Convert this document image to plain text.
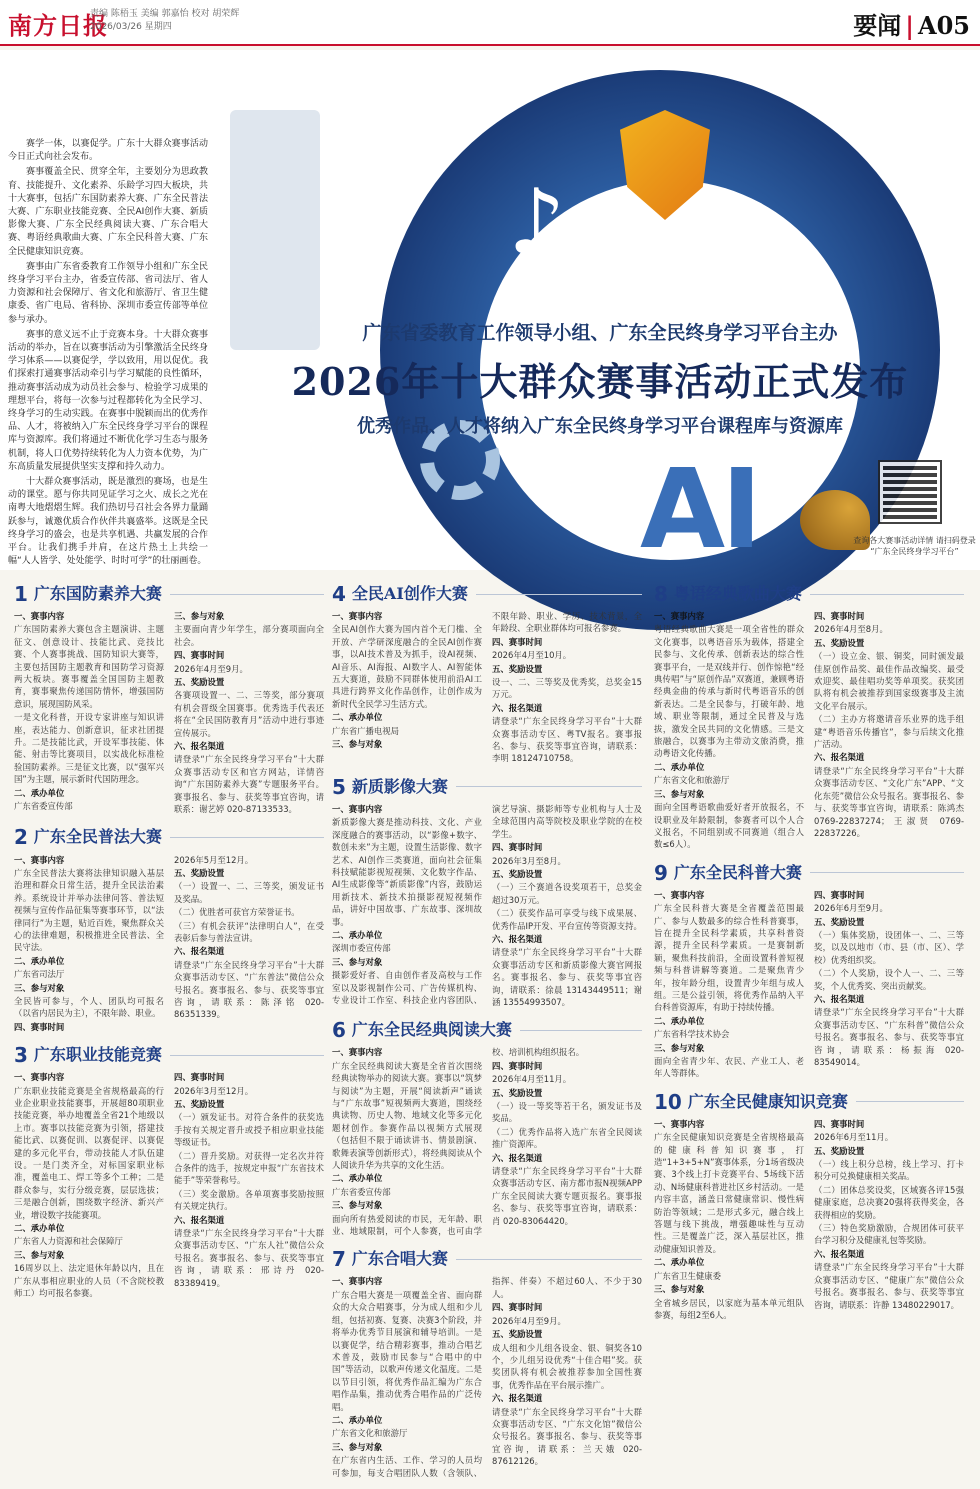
南方日报
责编 陈梧玉 美编 郭嘉怡 校对 胡荣辉
2026/03/26 星期四	要闻 | A05
♪
AI
广东省委教育工作领导小组、广东全民终身学习平台主办
2026年十大群众赛事活动正式发布
优秀作品、人才将纳入广东全民终身学习平台课程库与资源库
查询各大赛事活动详情 请扫码登录 “广东全民终身学习平台”

赛学一体，以赛促学。广东十大群众赛事活动今日正式向社会发布。

赛事覆盖全民、贯穿全年，主要划分为思政教育、技能提升、文化素养、乐龄学习四大板块，共十大赛事，包括广东国防素养大赛、广东全民普法大赛、广东职业技能竞赛、全民AI创作大赛、新质影像大赛、广东全民经典阅读大赛、广东合唱大赛、粤语经典歌曲大赛、广东全民科普大赛、广东全民健康知识竞赛。

赛事由广东省委教育工作领导小组和广东全民终身学习平台主办，省委宣传部、省司法厅、省人力资源和社会保障厅、省文化和旅游厅、省卫生健康委、省广电局、省科协、深圳市委宣传部等单位参与承办。

赛事的意义远不止于竞赛本身。十大群众赛事活动的举办，旨在以赛事活动为引擎激活全民终身学习体系——以赛促学，学以致用，用以促优。我们探索打通赛事活动牵引与学习赋能的良性循环，推动赛事活动成为动员社会参与、检验学习成果的理想平台，将每一次参与过程都转化为全民学习、终身学习的生动实践。在赛事中脱颖而出的优秀作品、人才，将被纳入广东全民终身学习平台的课程库与资源库。我们将通过不断优化学习生态与服务机制，将人口优势持续转化为人力资本优势，为广东高质量发展提供坚实支撑和持久动力。

十大群众赛事活动，既是激烈的赛场，也是生动的课堂。愿与你共同见证学习之火、成长之光在南粤大地熠熠生辉。我们热切号召社会各界力量踊跃参与，诚邀优质合作伙伴共襄盛举。这既是全民终身学习的盛会，也是共享机遇、共赢发展的合作平台。让我们携手并肩，在这片热土上共绘一幅“人人皆学、处处能学、时时可学”的壮丽画卷。

1 广东国防素养大赛

一、赛事内容

广东国防素养大赛包含主题演讲、主题征文、创意设计、技能比武、竞技比赛、个人赛事挑战、国防知识大赛等，主要包括国防主题教育和国防学习资源两大板块。赛事覆盖全国国防主题教育，赛事聚焦传递国防情怀，增强国防意识，展现国防风采。

一是文化科普，开设专家讲座与知识讲座，表达能力、创新意识，征求社团提升。二是技能比武，开设军事技能、体能、射击等比赛项目，以实战化标准检验国防素养。三是征文比赛，以“强军兴国”为主题，展示新时代国防理念。

二、承办单位

广东省委宣传部

三、参与对象

主要面向青少年学生，部分赛项面向全社会。

四、赛事时间

2026年4月至9月。

五、奖励设置

各赛项设置一、二、三等奖，部分赛项有机会晋级全国赛事。优秀选手代表还将在“全民国防教育月”活动中进行事迹宣传展示。

六、报名渠道

请登录“广东全民终身学习平台”十大群众赛事活动专区和官方网站，详情咨询“广东国防素养大赛”专题服务平台。赛事报名、参与、获奖等事宜咨询，请联系：谢艺婷 020-87133533。

2 广东全民普法大赛

一、赛事内容

广东全民普法大赛将法律知识融入基层治理和群众日常生活，提升全民法治素养。系统设计并举办法律问答、普法短视频与宣传作品征集等赛事环节，以“法律同行”为主题，贴近百姓，聚焦群众关心的法律难题，积极推进全民普法、全民守法。

二、承办单位

广东省司法厅

三、参与对象

全民皆可参与，个人、团队均可报名（以省内居民为主），不限年龄、职业。

四、赛事时间

2026年5月至12月。

五、奖励设置

（一）设置一、二、三等奖，颁发证书及奖品。

（二）优胜者可获官方荣誉证书。

（三）有机会获评“法律明白人”，在受表彰后参与普法宣讲。

六、报名渠道

请登录“广东全民终身学习平台”十大群众赛事活动专区、“广东普法”微信公众号报名。赛事报名、参与、获奖等事宜咨询，请联系：陈泽铭 020-86351339。

3 广东职业技能竞赛

一、赛事内容

广东职业技能竞赛是全省规格最高的行业企业职业技能赛事，开展超80项职业技能竞赛，举办地覆盖全省21个地级以上市。赛事以技能竞赛为引领，搭建技能比武、以赛促训、以赛促评、以赛促建的多元化平台，带动技能人才队伍建设。一是门类齐全，对标国家职业标准，覆盖电工、焊工等多个工种；二是群众参与，实行分级竞赛，层层选拔；三是融合创新，围绕数字经济、新兴产业，增设数字技能赛项。

二、承办单位

广东省人力资源和社会保障厅

三、参与对象

16周岁以上、法定退休年龄以内，且在广东从事相应职业的人员（不含院校教师工）均可报名参赛。

四、赛事时间

2026年3月至12月。

五、奖励设置

（一）颁发证书。对符合条件的获奖选手按有关规定晋升或授予相应职业技能等级证书。

（二）晋升奖励。对获得一定名次并符合条件的选手，按规定申报“广东省技术能手”等荣誉称号。

（三）奖金激励。各单项赛事奖励按照有关规定执行。

六、报名渠道

请登录“广东全民终身学习平台”十大群众赛事活动专区、“广东人社”微信公众号报名。赛事报名、参与、获奖等事宜咨询，请联系：邢诗丹 020-83389419。

4 全民AI创作大赛

一、赛事内容

全民AI创作大赛为国内首个无门槛、全开放、产学研深度融合的全民AI创作赛事，以AI技术普及为抓手，设AI视频、AI音乐、AI海报、AI数字人、AI智能体五大赛道，鼓励不同群体使用前沿AI工具进行跨界文化作品创作，让创作成为新时代全民学习生活方式。

二、承办单位

广东省广播电视局

三、参与对象

不限年龄、职业、学历、技术背景，全年龄段、全职业群体均可报名参赛。

四、赛事时间

2026年4月至10月。

五、奖励设置

设一、二、三等奖及优秀奖，总奖金15万元。

六、报名渠道

请登录“广东全民终身学习平台”十大群众赛事活动专区、粤TV报名。赛事报名、参与、获奖等事宜咨询，请联系：李明 18124710758。

5 新质影像大赛

一、赛事内容

新质影像大赛是推动科技、文化、产业深度融合的赛事活动，以“影像+数字、数创未来”为主题，设置生活影像、数字艺术、AI创作三类赛道，面向社会征集科技赋能影视短视频、文化数字作品、AI生成影像等“新质影像”内容，鼓励运用新技术、新技术拍摄影视短视频作品，讲好中国故事、广东故事、深圳故事。

二、承办单位

深圳市委宣传部

三、参与对象

摄影爱好者、自由创作者及高校与工作室以及影视制作公司、广告传媒机构、专业设计工作室、科技企业内容团队、演艺导演、摄影师等专业机构与人士及全球范围内高等院校及职业学院的在校学生。

四、赛事时间

2026年3月至8月。

五、奖励设置

（一）三个赛道各设奖项若干，总奖金超过30万元。

（二）获奖作品可享受与线下成果展、优秀作品IP开发、平台宣传等资源支持。

六、报名渠道

请登录“广东全民终身学习平台”十大群众赛事活动专区和新质影像大赛官网报名。赛事报名、参与、获奖等事宜咨询，请联系：徐晨 13143449511；谢涵 13554993507。

6 广东全民经典阅读大赛

一、赛事内容

广东全民经典阅读大赛是全省首次围绕经典读物举办的阅读大赛。赛事以“筑梦与阅读”为主题，开展“阅读新声”诵读与“广东故事”短视频两大赛道，围绕经典读物、历史人物、地域文化等多元化题材创作。参赛作品以视频方式展现（包括但不限于诵读讲书、情景剧演、歌舞表演等创新形式），将经典阅读从个人阅读升华为共享的文化生活。

二、承办单位

广东省委宣传部

三、参与对象

面向所有热爱阅读的市民，无年龄、职业、地域限制，可个人参赛，也可由学校、培训机构组织报名。

四、赛事时间

2026年4月至11月。

五、奖励设置

（一）设一等奖等若干名，颁发证书及奖品。

（二）优秀作品将入选广东省全民阅读推广资源库。

六、报名渠道

请登录“广东全民终身学习平台”十大群众赛事活动专区、南方都市报N视频APP广东全民阅读大赛专题页报名。赛事报名、参与、获奖等事宜咨询，请联系：肖 020-83064420。

7 广东合唱大赛

一、赛事内容

广东合唱大赛是一项覆盖全省、面向群众的大众合唱赛事，分为成人组和少儿组，包括初赛、复赛、决赛3个阶段，并将举办优秀节目展演和辅导培训。一是以赛促学，结合精彩赛事，推动合唱艺术普及，鼓励市民参与“合唱中的中国”等活动，以歌声传递文化温度。二是以节目引领，将优秀作品汇编为广东合唱作品集，推动优秀合唱作品的广泛传唱。

二、承办单位

广东省文化和旅游厅

三、参与对象

在广东省内生活、工作、学习的人员均可参加，每支合唱团队人数（含领队、指挥、伴奏）不超过60人、不少于30人。

四、赛事时间

2026年4月至9月。

五、奖励设置

成人组和少儿组各设金、银、铜奖各10个，少儿组另设优秀“十佳合唱”奖。获奖团队将有机会被推荐参加全国性赛事，优秀作品在平台展示推广。

六、报名渠道

请登录“广东全民终身学习平台”十大群众赛事活动专区、“广东文化馆”微信公众号报名。赛事报名、参与、获奖等事宜咨询，请联系：兰天娥 020-87612126。

8 粤语经典歌曲大赛

一、赛事内容

粤语经典歌曲大赛是一项全省性的群众文化赛事，以粤语音乐为载体，搭建全民参与、文化传承、创新表达的综合性赛事平台，一是双线并行、创作惊艳“经典传唱”与“原创作品”双赛道，兼顾粤语经典金曲的传承与新时代粤语音乐的创新表达。二是全民参与，打破年龄、地域、职业等限制，通过全民普及与选拔，激发全民共同的文化情感。三是文旅融合，以赛事为主带动文旅消费，推动粤语文化传播。

二、承办单位

广东省文化和旅游厅

三、参与对象

面向全国粤语歌曲爱好者开放报名，不设职业及年龄限制，参赛者可以个人合义报名，不同组别或不同赛道（组合人数≤6人）。

四、赛事时间

2026年4月至8月。

五、奖励设置

（一）设立金、银、铜奖，同时颁发最佳原创作品奖、最佳作品改编奖、最受欢迎奖、最佳唱功奖等单项奖。获奖团队将有机会被推荐到国家级赛事及主流文化平台展示。

（二）主办方将邀请音乐业界的选手组建“粤语音乐传播官”，参与后续文化推广活动。

六、报名渠道

请登录“广东全民终身学习平台”十大群众赛事活动专区、“文化广东”APP、“文化东莞”微信公众号报名。赛事报名、参与、获奖等事宜咨询，请联系：陈鸿杰 0769-22837274；王淑贤 0769-22837226。

9 广东全民科普大赛

一、赛事内容

广东全民科普大赛是全省覆盖范围最广、参与人数最多的综合性科普赛事，旨在提升全民科学素质，共享科普资源，提升全民科学素质。一是赛制新颖，聚焦科技前沿，全面设置科普短视频与科普讲解等赛道。二是聚焦青少年，按年龄分组，设置青少年组与成人组。三是公益引领，将优秀作品纳入平台科普资源库，有助于持续传播。

二、承办单位

广东省科学技术协会

三、参与对象

面向全省青少年、农民、产业工人、老年人等群体。

四、赛事时间

2026年6月至9月。

五、奖励设置

（一）集体奖励，设团体一、二、三等奖，以及以地市（市、县（市、区）、学校）优秀组织奖。

（二）个人奖励，设个人一、二、三等奖，个人优秀奖、突出贡献奖。

六、报名渠道

请登录“广东全民终身学习平台”十大群众赛事活动专区、“广东科普”微信公众号报名。赛事报名、参与、获奖等事宜咨询，请联系：杨振海 020-83549014。

10 广东全民健康知识竞赛

一、赛事内容

广东全民健康知识竞赛是全省规格最高的健康科普知识赛事，打造“1+3+5+N”赛事体系，分1场省级决赛、3个线上打卡竞赛平台、5场线下活动、N场健康科普进社区乡村活动。一是内容丰富，涵盖日常健康常识、慢性病防治等领域；二是形式多元，融合线上答题与线下挑战，增强趣味性与互动性。三是覆盖广泛，深入基层社区，推动健康知识普及。

二、承办单位

广东省卫生健康委

三、参与对象

全省城乡居民，以家庭为基本单元组队参赛，每组2至6人。

四、赛事时间

2026年6月至11月。

五、奖励设置

（一）线上积分总榜，线上学习、打卡积分可兑换健康相关奖品。

（二）团体总奖设奖，区域赛各评15强健康家庭，总决赛20强将获得奖金，各获得相应的奖励。

（三）特色奖励激励，合规团体可获平台学习积分及健康礼包等奖励。

六、报名渠道

请登录“广东全民终身学习平台”十大群众赛事活动专区、“健康广东”微信公众号报名。赛事报名、参与、获奖等事宜咨询，请联系：许静 13480229017。
